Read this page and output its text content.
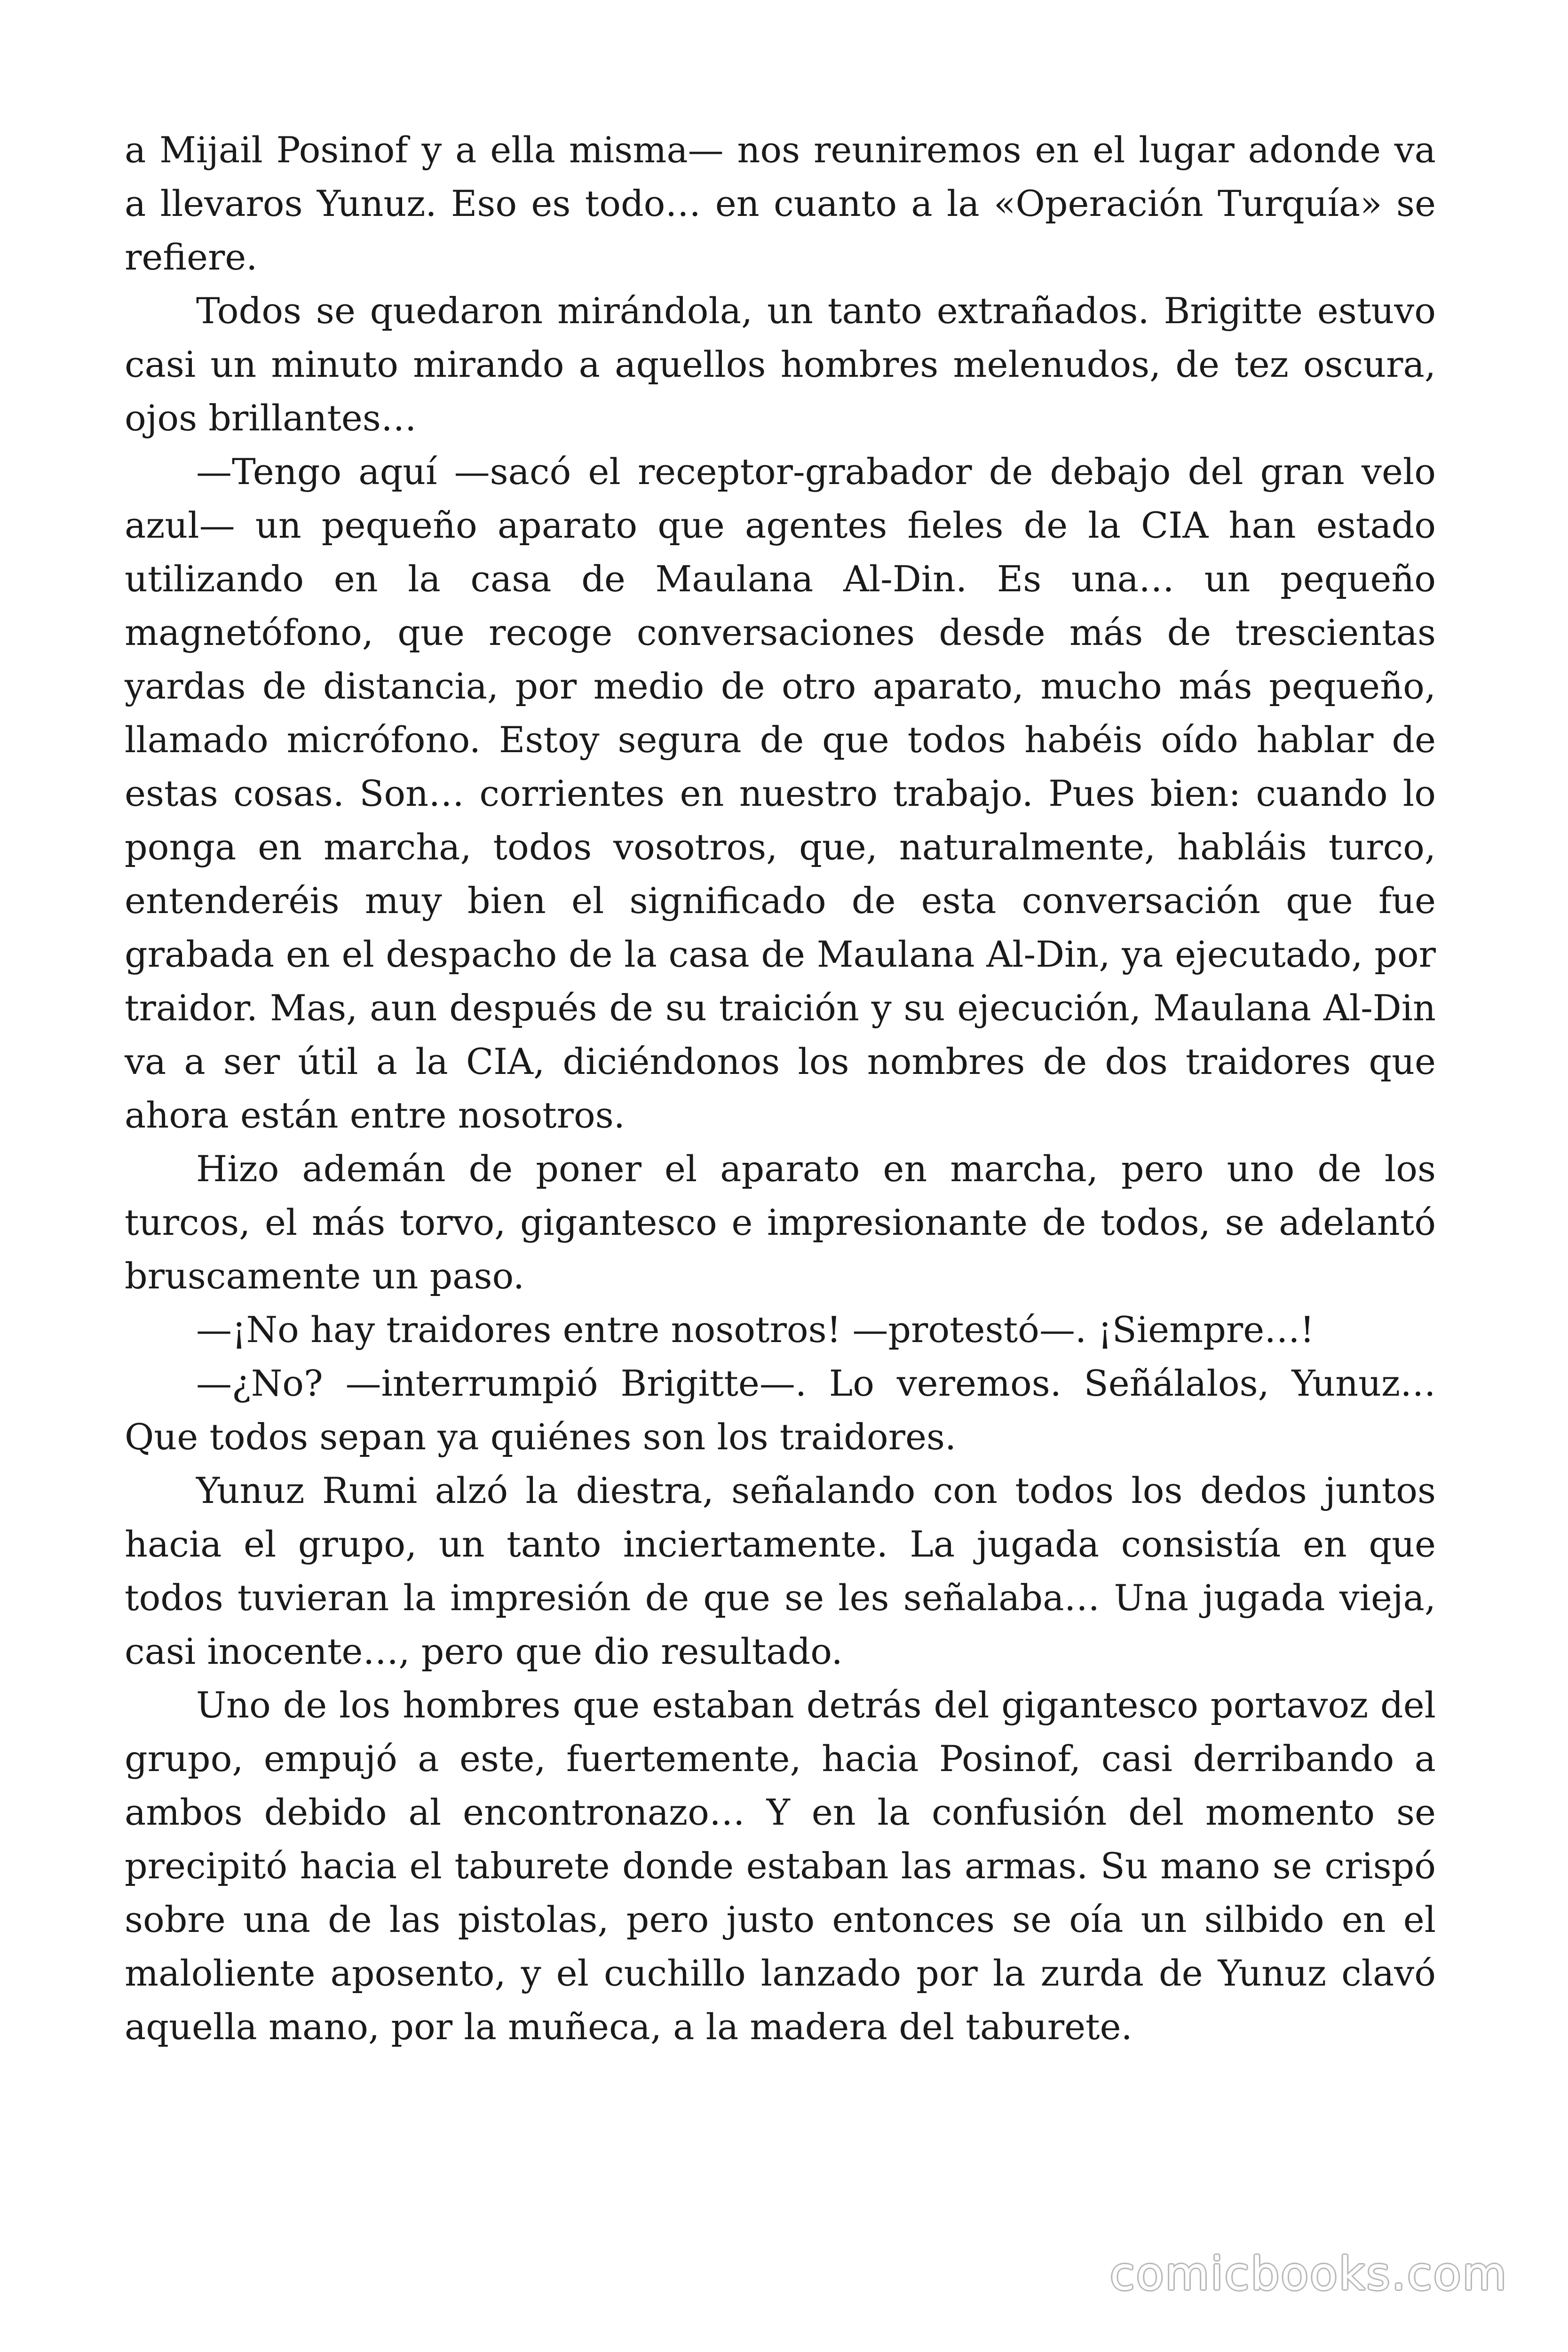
a Mijail Posinof y a ella misma— nos reuniremos en el lugar adonde va a llevaros Yunuz. Eso es todo… en cuanto a la «Operación Turquía» se refiere.

Todos se quedaron mirándola, un tanto extrañados. Brigitte estuvo casi un minuto mirando a aquellos hombres melenudos, de tez oscura, ojos brillantes…

—Tengo aquí —sacó el receptor-grabador de debajo del gran velo azul— un pequeño aparato que agentes fieles de la CIA han estado utilizando en la casa de Maulana Al-Din. Es una… un pequeño magnetófono, que recoge conversaciones desde más de trescientas yardas de distancia, por medio de otro aparato, mucho más pequeño, llamado micrófono. Estoy segura de que todos habéis oído hablar de estas cosas. Son… corrientes en nuestro trabajo. Pues bien: cuando lo ponga en marcha, todos vosotros, que, naturalmente, habláis turco, entenderéis muy bien el significado de esta conversación que fue grabada en el despacho de la casa de Maulana Al-Din, ya ejecutado, por traidor. Mas, aun después de su traición y su ejecución, Maulana Al-Din va a ser útil a la CIA, diciéndonos los nombres de dos traidores que ahora están entre nosotros.

Hizo ademán de poner el aparato en marcha, pero uno de los turcos, el más torvo, gigantesco e impresionante de todos, se adelantó bruscamente un paso.

—¡No hay traidores entre nosotros! —protestó—. ¡Siempre…!

—¿No? —interrumpió Brigitte—. Lo veremos. Señálalos, Yunuz… Que todos sepan ya quiénes son los traidores.

Yunuz Rumi alzó la diestra, señalando con todos los dedos juntos hacia el grupo, un tanto inciertamente. La jugada consistía en que todos tuvieran la impresión de que se les señalaba… Una jugada vieja, casi inocente…, pero que dio resultado.

Uno de los hombres que estaban detrás del gigantesco portavoz del grupo, empujó a este, fuertemente, hacia Posinof, casi derribando a ambos debido al encontronazo… Y en la confusión del momento se precipitó hacia el taburete donde estaban las armas. Su mano se crispó sobre una de las pistolas, pero justo entonces se oía un silbido en el maloliente aposento, y el cuchillo lanzado por la zurda de Yunuz clavó aquella mano, por la muñeca, a la madera del taburete.

comicbooks.com
